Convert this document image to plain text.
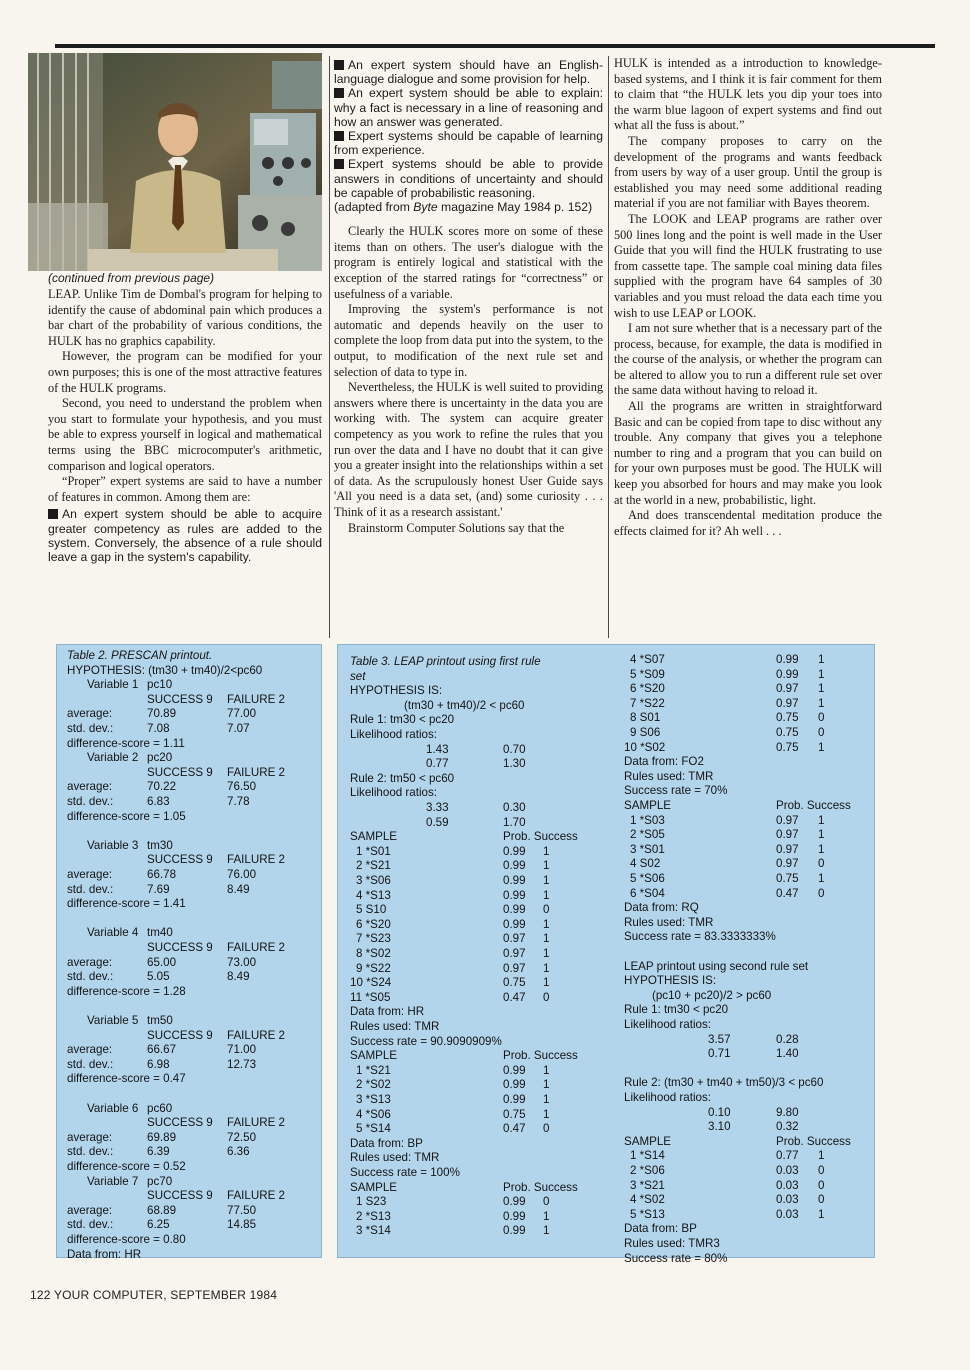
(continued from previous page)

LEAP. Unlike Tim de Dombal's program for helping to identify the cause of abdominal pain which produces a bar chart of the probability of various conditions, the HULK has no graphics capability.

However, the program can be modified for your own purposes; this is one of the most attractive features of the HULK programs.

Second, you need to understand the problem when you start to formulate your hypothesis, and you must be able to express yourself in logical and mathematical terms using the BBC microcomputer's arithmetic, comparison and logical operators.

“Proper” expert systems are said to have a number of features in common. Among them are:

An expert system should be able to acquire greater competency as rules are added to the system. Conversely, the absence of a rule should leave a gap in the system's capability.

An expert system should have an English-language dialogue and some provision for help.

An expert system should be able to explain: why a fact is necessary in a line of reasoning and how an answer was generated.

Expert systems should be capable of learning from experience.

Expert systems should be able to provide answers in conditions of uncertainty and should be capable of probabilistic reasoning.

(adapted from Byte magazine May 1984 p. 152)

Clearly the HULK scores more on some of these items than on others. The user's dialogue with the program is entirely logical and statistical with the exception of the starred ratings for “correctness” or usefulness of a variable.

Improving the system's performance is not automatic and depends heavily on the user to complete the loop from data put into the system, to the output, to modification of the next rule set and selection of data to type in.

Nevertheless, the HULK is well suited to providing answers where there is uncertainty in the data you are working with. The system can acquire greater competency as you work to refine the rules that you run over the data and I have no doubt that it can give you a greater insight into the relationships within a set of data. As the scrupulously honest User Guide says 'All you need is a data set, (and) some curiosity . . . Think of it as a research assistant.'

Brainstorm Computer Solutions say that the

HULK is intended as a introduction to knowledge-based systems, and I think it is fair comment for them to claim that “the HULK lets you dip your toes into the warm blue lagoon of expert systems and find out what all the fuss is about.”

The company proposes to carry on the development of the programs and wants feedback from users by way of a user group. Until the group is established you may need some additional reading material if you are not familiar with Bayes theorem.

The LOOK and LEAP programs are rather over 500 lines long and the point is well made in the User Guide that you will find the HULK frustrating to use from cassette tape. The sample coal mining data files supplied with the program have 64 samples of 30 variables and you must reload the data each time you wish to use LEAP or LOOK.

I am not sure whether that is a necessary part of the process, because, for example, the data is modified in the course of the analysis, or whether the program can be altered to allow you to run a different rule set over the same data without having to reload it.

All the programs are written in straightforward Basic and can be copied from tape to disc without any trouble. Any company that gives you a telephone number to ring and a program that you can build on for your own purposes must be good. The HULK will keep you absorbed for hours and may make you look at the world in a new, probabilistic, light.

And does transcendental meditation produce the effects claimed for it? Ah well . . .

Table 2. PRESCAN printout.
HYPOTHESIS: (tm30 + tm40)/2<pc60
Variable 1 pc10
SUCCESS 9 FAILURE 2
average:	70.89	77.00
std. dev.:	7.08	7.07
difference-score = 1.11
Variable 2 pc20
SUCCESS 9 FAILURE 2
average:	70.22	76.50
std. dev.:	6.83	7.78
difference-score = 1.05
Variable 3 tm30
SUCCESS 9 FAILURE 2
average:	66.78	76.00
std. dev.:	7.69	8.49
difference-score = 1.41
Variable 4 tm40
SUCCESS 9 FAILURE 2
average:	65.00	73.00
std. dev.:	5.05	8.49
difference-score = 1.28
Variable 5 tm50
SUCCESS 9 FAILURE 2
average:	66.67	71.00
std. dev.:	6.98	12.73
difference-score = 0.47
Variable 6 pc60
SUCCESS 9 FAILURE 2
average:	69.89	72.50
std. dev.:	6.39	6.36
difference-score = 0.52
Variable 7 pc70
SUCCESS 9 FAILURE 2
average:	68.89	77.50
std. dev.:	6.25	14.85
difference-score = 0.80
Data from: HR
Table 3. LEAP printout using first rule
set
HYPOTHESIS IS:
(tm30 + tm40)/2 < pc60
Rule 1: tm30 < pc20
Likelihood ratios:
1.43	0.70
0.77	1.30
Rule 2: tm50 < pc60
Likelihood ratios:
3.33	0.30
0.59	1.70
SAMPLE	Prob. Success
1 *S01	0.99 1
2 *S21	0.99 1
3 *S06	0.99 1
4 *S13	0.99 1
5 S10	0.99 0
6 *S20	0.99 1
7 *S23	0.97 1
8 *S02	0.97 1
9 *S22	0.97 1
10 *S24	0.75 1
11 *S05	0.47 0
Data from: HR
Rules used: TMR
Success rate = 90.9090909%
SAMPLE	Prob. Success
1 *S21	0.99 1
2 *S02	0.99 1
3 *S13	0.99 1
4 *S06	0.75 1
5 *S14	0.47 0
Data from: BP
Rules used: TMR
Success rate = 100%
SAMPLE	Prob. Success
1 S23	0.99 0
2 *S13	0.99 1
3 *S14	0.99 1
4 *S07	0.99 1
5 *S09	0.99 1
6 *S20	0.97 1
7 *S22	0.97 1
8 S01	0.75 0
9 S06	0.75 0
10 *S02	0.75 1
Data from: FO2
Rules used: TMR
Success rate = 70%
SAMPLE	Prob. Success
1 *S03	0.97 1
2 *S05	0.97 1
3 *S01	0.97 1
4 S02	0.97 0
5 *S06	0.75 1
6 *S04	0.47 0
Data from: RQ
Rules used: TMR
Success rate = 83.3333333%
LEAP printout using second rule set
HYPOTHESIS IS:
(pc10 + pc20)/2 > pc60
Rule 1: tm30 < pc20
Likelihood ratios:
3.57	0.28
0.71	1.40
Rule 2: (tm30 + tm40 + tm50)/3 < pc60
Likelihood ratios:
0.10	9.80
3.10	0.32
SAMPLE	Prob. Success
1 *S14	0.77 1
2 *S06	0.03 0
3 *S21	0.03 0
4 *S02	0.03 0
5 *S13	0.03 1
Data from: BP
Rules used: TMR3
Success rate = 80%
122 YOUR COMPUTER, SEPTEMBER 1984
